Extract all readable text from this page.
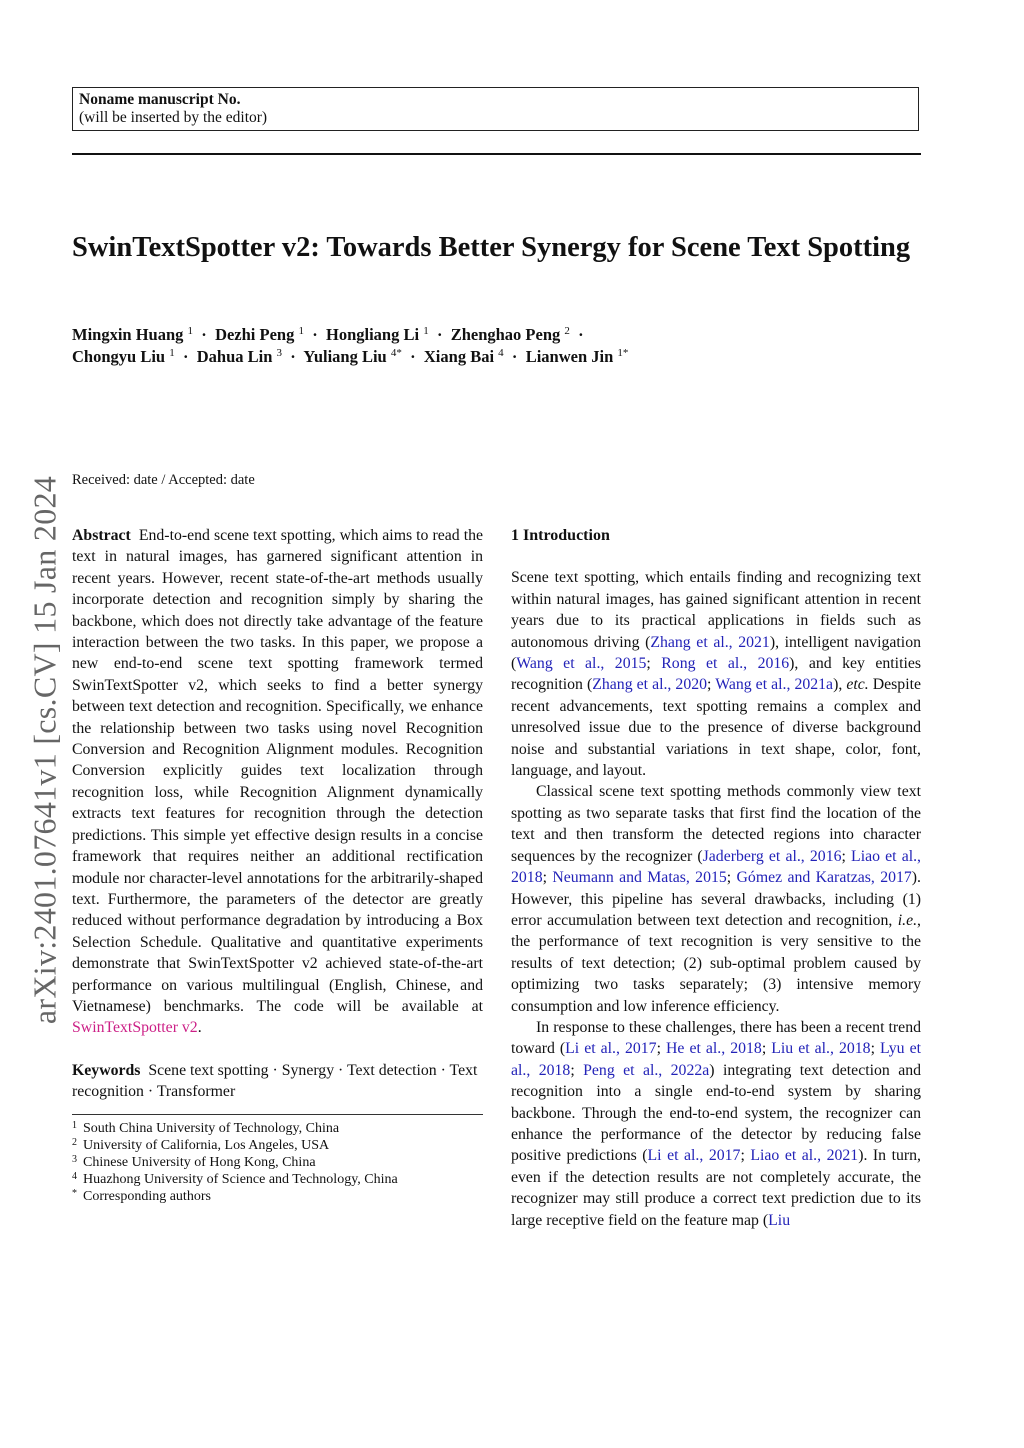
Noname manuscript No.
(will be inserted by the editor)
SwinTextSpotter v2: Towards Better Synergy for Scene Text Spotting
Mingxin Huang $^1$  ·  Dezhi Peng $^1$  ·  Hongliang Li $^1$  ·  Zhenghao Peng $^2$  ·
Chongyu Liu $^1$  ·  Dahua Lin $^3$  ·  Yuliang Liu $^{4*}$  ·  Xiang Bai $^4$  ·  Lianwen Jin $^{1*}$
arXiv:2401.07641v1 [cs.CV] 15 Jan 2024 Received: date / Accepted: date

Abstract End-to-end scene text spotting, which aims to read the text in natural images, has garnered significant attention in recent years. However, recent state-of-the-art methods usually incorporate detection and recognition simply by sharing the backbone, which does not directly take advantage of the feature interaction between the two tasks. In this paper, we propose a new end-to-end scene text spotting framework termed SwinTextSpotter v2, which seeks to find a better synergy between text detection and recognition. Specifically, we enhance the relationship between two tasks using novel Recognition Conversion and Recognition Alignment modules. Recognition Conversion explicitly guides text localization through recognition loss, while Recognition Alignment dynamically extracts text features for recognition through the detection predictions. This simple yet effective design results in a concise framework that requires neither an additional rectification module nor character-level annotations for the arbitrarily-shaped text. Furthermore, the parameters of the detector are greatly reduced without performance degradation by introducing a Box Selection Schedule. Qualitative and quantitative experiments demonstrate that SwinTextSpotter v2 achieved state-of-the-art performance on various multilingual (English, Chinese, and Vietnamese) benchmarks. The code will be available at SwinTextSpotter v2.

Keywords Scene text spotting · Synergy · Text detection · Text recognition · Transformer

$^1$ South China University of Technology, China
$^2$ University of California, Los Angeles, USA
$^3$ Chinese University of Hong Kong, China
$^4$ Huazhong University of Science and Technology, China
* Corresponding authors

1 Introduction

Scene text spotting, which entails finding and recognizing text within natural images, has gained significant attention in recent years due to its practical applications in fields such as autonomous driving (Zhang et al., 2021), intelligent navigation (Wang et al., 2015; Rong et al., 2016), and key entities recognition (Zhang et al., 2020; Wang et al., 2021a), etc. Despite recent advancements, text spotting remains a complex and unresolved issue due to the presence of diverse background noise and substantial variations in text shape, color, font, language, and layout.

Classical scene text spotting methods commonly view text spotting as two separate tasks that first find the location of the text and then transform the detected regions into character sequences by the recognizer (Jaderberg et al., 2016; Liao et al., 2018; Neumann and Matas, 2015; Gómez and Karatzas, 2017). However, this pipeline has several drawbacks, including (1) error accumulation between text detection and recognition, i.e., the performance of text recognition is very sensitive to the results of text detection; (2) sub-optimal problem caused by optimizing two tasks separately; (3) intensive memory consumption and low inference efficiency.

In response to these challenges, there has been a recent trend toward (Li et al., 2017; He et al., 2018; Liu et al., 2018; Lyu et al., 2018; Peng et al., 2022a) integrating text detection and recognition into a single end-to-end system by sharing backbone. Through the end-to-end system, the recognizer can enhance the performance of the detector by reducing false positive predictions (Li et al., 2017; Liao et al., 2021). In turn, even if the detection results are not completely accurate, the recognizer may still produce a correct text prediction due to its large receptive field on the feature map (Liu
